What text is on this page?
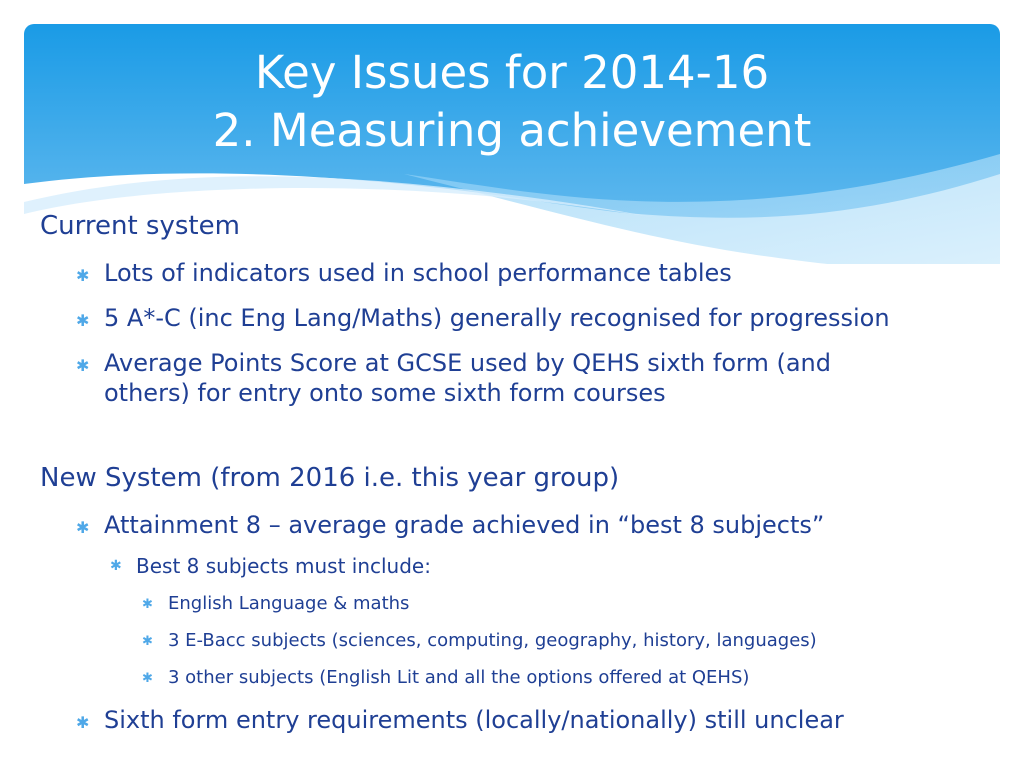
Key Issues for 2014-16
2. Measuring achievement
Current system
✱ Lots of indicators used in school performance tables
✱ 5 A*-C (inc Eng Lang/Maths) generally recognised for progression
✱ Average Points Score at GCSE used by QEHS sixth form (and others) for entry onto some sixth form courses
New System (from 2016 i.e. this year group)
✱ Attainment 8 – average grade achieved in “best 8 subjects”
✱ Best 8 subjects must include:
✱ English Language & maths
✱ 3 E-Bacc subjects (sciences, computing, geography, history, languages)
✱ 3 other subjects (English Lit and all the options offered at QEHS)
✱ Sixth form entry requirements (locally/nationally) still unclear
